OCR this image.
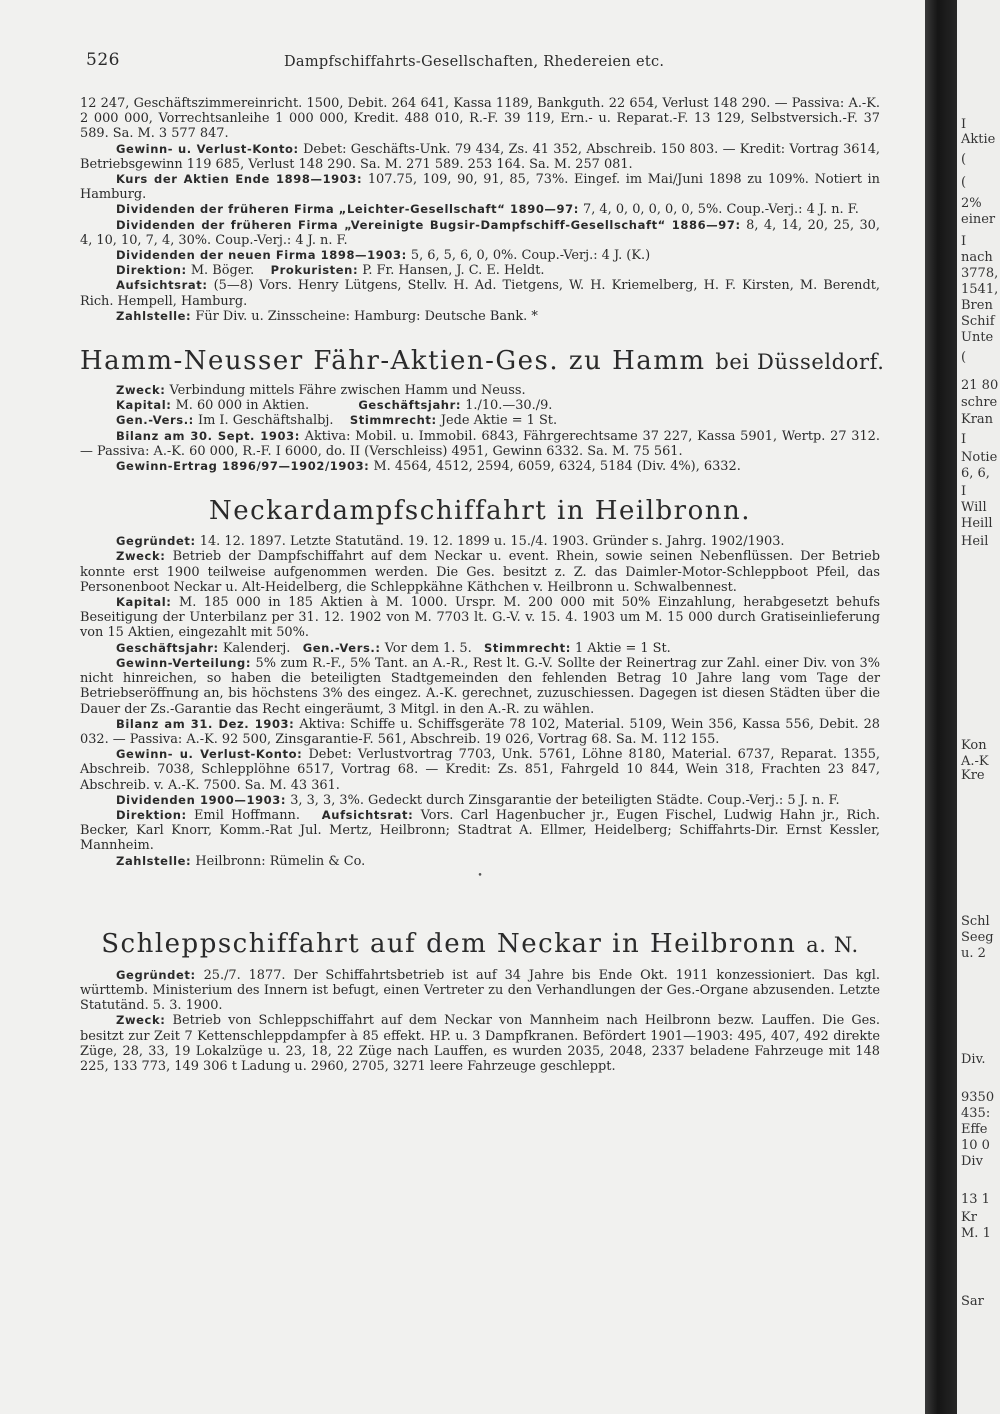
526	Dampfschiffahrts-Gesellschaften, Rhedereien etc.

12 247, Geschäftszimmereinricht. 1500, Debit. 264 641, Kassa 1189, Bankguth. 22 654, Verlust 148 290. — Passiva: A.-K. 2 000 000, Vorrechtsanleihe 1 000 000, Kredit. 488 010, R.-F. 39 119, Ern.- u. Reparat.-F. 13 129, Selbstversich.-F. 37 589. Sa. M. 3 577 847.

Gewinn- u. Verlust-Konto: Debet: Geschäfts-Unk. 79 434, Zs. 41 352, Abschreib. 150 803. — Kredit: Vortrag 3614, Betriebsgewinn 119 685, Verlust 148 290. Sa. M. 271 589. 253 164. Sa. M. 257 081.

Kurs der Aktien Ende 1898—1903: 107.75, 109, 90, 91, 85, 73%. Eingef. im Mai/Juni 1898 zu 109%. Notiert in Hamburg.

Dividenden der früheren Firma „Leichter-Gesellschaft“ 1890—97: 7, 4, 0, 0, 0, 0, 0, 5%. Coup.-Verj.: 4 J. n. F.

Dividenden der früheren Firma „Vereinigte Bugsir-Dampfschiff-Gesellschaft“ 1886—97: 8, 4, 14, 20, 25, 30, 4, 10, 10, 7, 4, 30%. Coup.-Verj.: 4 J. n. F.

Dividenden der neuen Firma 1898—1903: 5, 6, 5, 6, 0, 0%. Coup.-Verj.: 4 J. (K.)

Direktion: M. Böger. Prokuristen: P. Fr. Hansen, J. C. E. Heldt.

Aufsichtsrat: (5—8) Vors. Henry Lütgens, Stellv. H. Ad. Tietgens, W. H. Kriemelberg, H. F. Kirsten, M. Berendt, Rich. Hempell, Hamburg.

Zahlstelle: Für Div. u. Zinsscheine: Hamburg: Deutsche Bank. *

Hamm-Neusser Fähr-Aktien-Ges. zu Hamm bei Düsseldorf.

Zweck: Verbindung mittels Fähre zwischen Hamm und Neuss.

Kapital: M. 60 000 in Aktien.	Geschäftsjahr: 1./10.—30./9.

Gen.-Vers.: Im I. Geschäftshalbj. Stimmrecht: Jede Aktie = 1 St.

Bilanz am 30. Sept. 1903: Aktiva: Mobil. u. Immobil. 6843, Fährgerechtsame 37 227, Kassa 5901, Wertp. 27 312. — Passiva: A.-K. 60 000, R.-F. I 6000, do. II (Verschleiss) 4951, Gewinn 6332. Sa. M. 75 561.

Gewinn-Ertrag 1896/97—1902/1903: M. 4564, 4512, 2594, 6059, 6324, 5184 (Div. 4%), 6332.

Neckardampfschiffahrt in Heilbronn.

Gegründet: 14. 12. 1897. Letzte Statutänd. 19. 12. 1899 u. 15./4. 1903. Gründer s. Jahrg. 1902/1903.

Zweck: Betrieb der Dampfschiffahrt auf dem Neckar u. event. Rhein, sowie seinen Nebenflüssen. Der Betrieb konnte erst 1900 teilweise aufgenommen werden. Die Ges. besitzt z. Z. das Daimler-Motor-Schleppboot Pfeil, das Personenboot Neckar u. Alt-Heidelberg, die Schleppkähne Käthchen v. Heilbronn u. Schwalbennest.

Kapital: M. 185 000 in 185 Aktien à M. 1000. Urspr. M. 200 000 mit 50% Einzahlung, herabgesetzt behufs Beseitigung der Unterbilanz per 31. 12. 1902 von M. 7703 lt. G.-V. v. 15. 4. 1903 um M. 15 000 durch Gratiseinlieferung von 15 Aktien, eingezahlt mit 50%.

Geschäftsjahr: Kalenderj. Gen.-Vers.: Vor dem 1. 5. Stimmrecht: 1 Aktie = 1 St.

Gewinn-Verteilung: 5% zum R.-F., 5% Tant. an A.-R., Rest lt. G.-V. Sollte der Reinertrag zur Zahl. einer Div. von 3% nicht hinreichen, so haben die beteiligten Stadtgemeinden den fehlenden Betrag 10 Jahre lang vom Tage der Betriebseröffnung an, bis höchstens 3% des eingez. A.-K. gerechnet, zuzuschiessen. Dagegen ist diesen Städten über die Dauer der Zs.-Garantie das Recht eingeräumt, 3 Mitgl. in den A.-R. zu wählen.

Bilanz am 31. Dez. 1903: Aktiva: Schiffe u. Schiffsgeräte 78 102, Material. 5109, Wein 356, Kassa 556, Debit. 28 032. — Passiva: A.-K. 92 500, Zinsgarantie-F. 561, Abschreib. 19 026, Vortrag 68. Sa. M. 112 155.

Gewinn- u. Verlust-Konto: Debet: Verlustvortrag 7703, Unk. 5761, Löhne 8180, Material. 6737, Reparat. 1355, Abschreib. 7038, Schlepplöhne 6517, Vortrag 68. — Kredit: Zs. 851, Fahrgeld 10 844, Wein 318, Frachten 23 847, Abschreib. v. A.-K. 7500. Sa. M. 43 361.

Dividenden 1900—1903: 3, 3, 3, 3%. Gedeckt durch Zinsgarantie der beteiligten Städte. Coup.-Verj.: 5 J. n. F.

Direktion: Emil Hoffmann. Aufsichtsrat: Vors. Carl Hagenbucher jr., Eugen Fischel, Ludwig Hahn jr., Rich. Becker, Karl Knorr, Komm.-Rat Jul. Mertz, Heilbronn; Stadtrat A. Ellmer, Heidelberg; Schiffahrts-Dir. Ernst Kessler, Mannheim.

Zahlstelle: Heilbronn: Rümelin & Co.

•
Schleppschiffahrt auf dem Neckar in Heilbronn a. N.

Gegründet: 25./7. 1877. Der Schiffahrtsbetrieb ist auf 34 Jahre bis Ende Okt. 1911 konzessioniert. Das kgl. württemb. Ministerium des Innern ist befugt, einen Vertreter zu den Verhandlungen der Ges.-Organe abzusenden. Letzte Statutänd. 5. 3. 1900.

Zweck: Betrieb von Schleppschiffahrt auf dem Neckar von Mannheim nach Heilbronn bezw. Lauffen. Die Ges. besitzt zur Zeit 7 Kettenschleppdampfer à 85 effekt. HP. u. 3 Dampfkranen. Befördert 1901—1903: 495, 407, 492 direkte Züge, 28, 33, 19 Lokalzüge u. 23, 18, 22 Züge nach Lauffen, es wurden 2035, 2048, 2337 beladene Fahrzeuge mit 148 225, 133 773, 149 306 t Ladung u. 2960, 2705, 3271 leere Fahrzeuge geschleppt.

I
Aktie
(
(
2%
einer
I
nach
3778,
1541,
Bren
Schif
Unte
(
21 80
schre
Kran
I
Notie
6, 6,
I
Will
Heill
Heil
Kon
A.-K
Kre
Schl
Seeg
u. 2
Div.
9350
435:
Effe
10 0
Div
13 1
Kr
M. 1
Sar
